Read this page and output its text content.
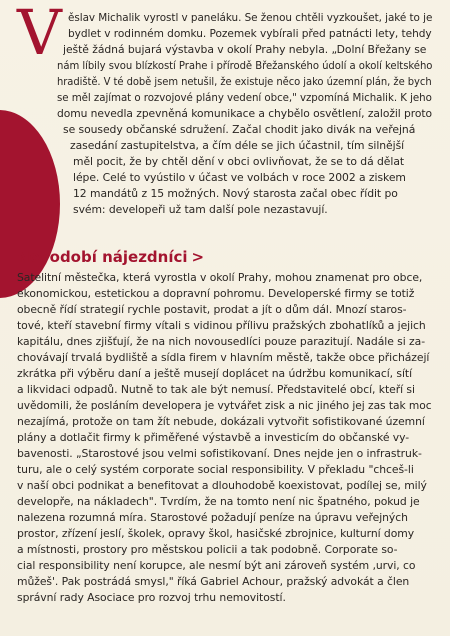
V ěslav Michalik vyrostl v paneláku. Se ženou chtěli vyzkoušet, jaké to je
bydlet v rodinném domku. Pozemek vybírali před patnácti lety, tehdy
ještě žádná bujará výstavba v okolí Prahy nebyla. „Dolní Břežany se
nám líbily svou blízkostí Prahe i přírodě Břežanského údolí a okolí keltského
hradiště. V té době jsem netušil, že existuje něco jako územní plán, že bych
se měl zajímat o rozvojové plány vedení obce," vzpomíná Michalik. K jeho
domu nevedla zpevněná komunikace a chybělo osvětlení, založil proto
se sousedy občanské sdružení. Začal chodit jako divák na veřejná
zasedání zastupitelstva, a čím déle se jich účastnil, tím silnější
měl pocit, že by chtěl dění v obci ovlivňovat, že se to dá dělat
lépe. Celé to vyústilo v účast ve volbách v roce 2002 a ziskem
12 mandátů z 15 možných. Nový starosta začal obec řídit po
svém: developeři už tam další pole nezastavují.
Novodobí nájezdníci >
Satelitní městečka, která vyrostla v okolí Prahy, mohou znamenat pro obce,
ekonomickou, estetickou a dopravní pohromu. Developerské firmy se totiž
obecně řídí strategií rychle postavit, prodat a jít o dům dál. Mnozí staros-
tové, kteří stavební firmy vítali s vidinou přílivu pražských zbohatlíků a jejich
kapitálu, dnes zjišťují, že na nich novousedlíci pouze parazitují. Nadále si za-
chovávají trvalá bydliště a sídla firem v hlavním městě, takže obce přicházejí
zkrátka při výběru daní a ještě musejí doplácet na údržbu komunikací, sítí
a likvidaci odpadů. Nutně to tak ale být nemusí. Představitelé obcí, kteří si
uvědomili, že posláním developera je vytvářet zisk a nic jiného jej zas tak moc
nezajímá, protože on tam žít nebude, dokázali vytvořit sofistikované územní
plány a dotlačit firmy k přiměřené výstavbě a investicím do občanské vy-
bavenosti. „Starostové jsou velmi sofistikovaní. Dnes nejde jen o infrastruk-
turu, ale o celý systém corporate social responsibility. V překladu "chceš-li
v naší obci podnikat a benefitovat a dlouhodobě koexistovat, podílej se, milý
developře, na nákladech". Tvrdím, že na tomto není nic špatného, pokud je
nalezena rozumná míra. Starostové požadují peníze na úpravu veřejných
prostor, zřízení jeslí, školek, opravy škol, hasičské zbrojnice, kulturní domy
a místnosti, prostory pro městskou policii a tak podobně. Corporate so-
cial responsibility není korupce, ale nesmí být ani zároveň systém ‚urvi, co
můžeš'. Pak postrádá smysl," říká Gabriel Achour, pražský advokát a člen
správní rady Asociace pro rozvoj trhu nemovitostí.
